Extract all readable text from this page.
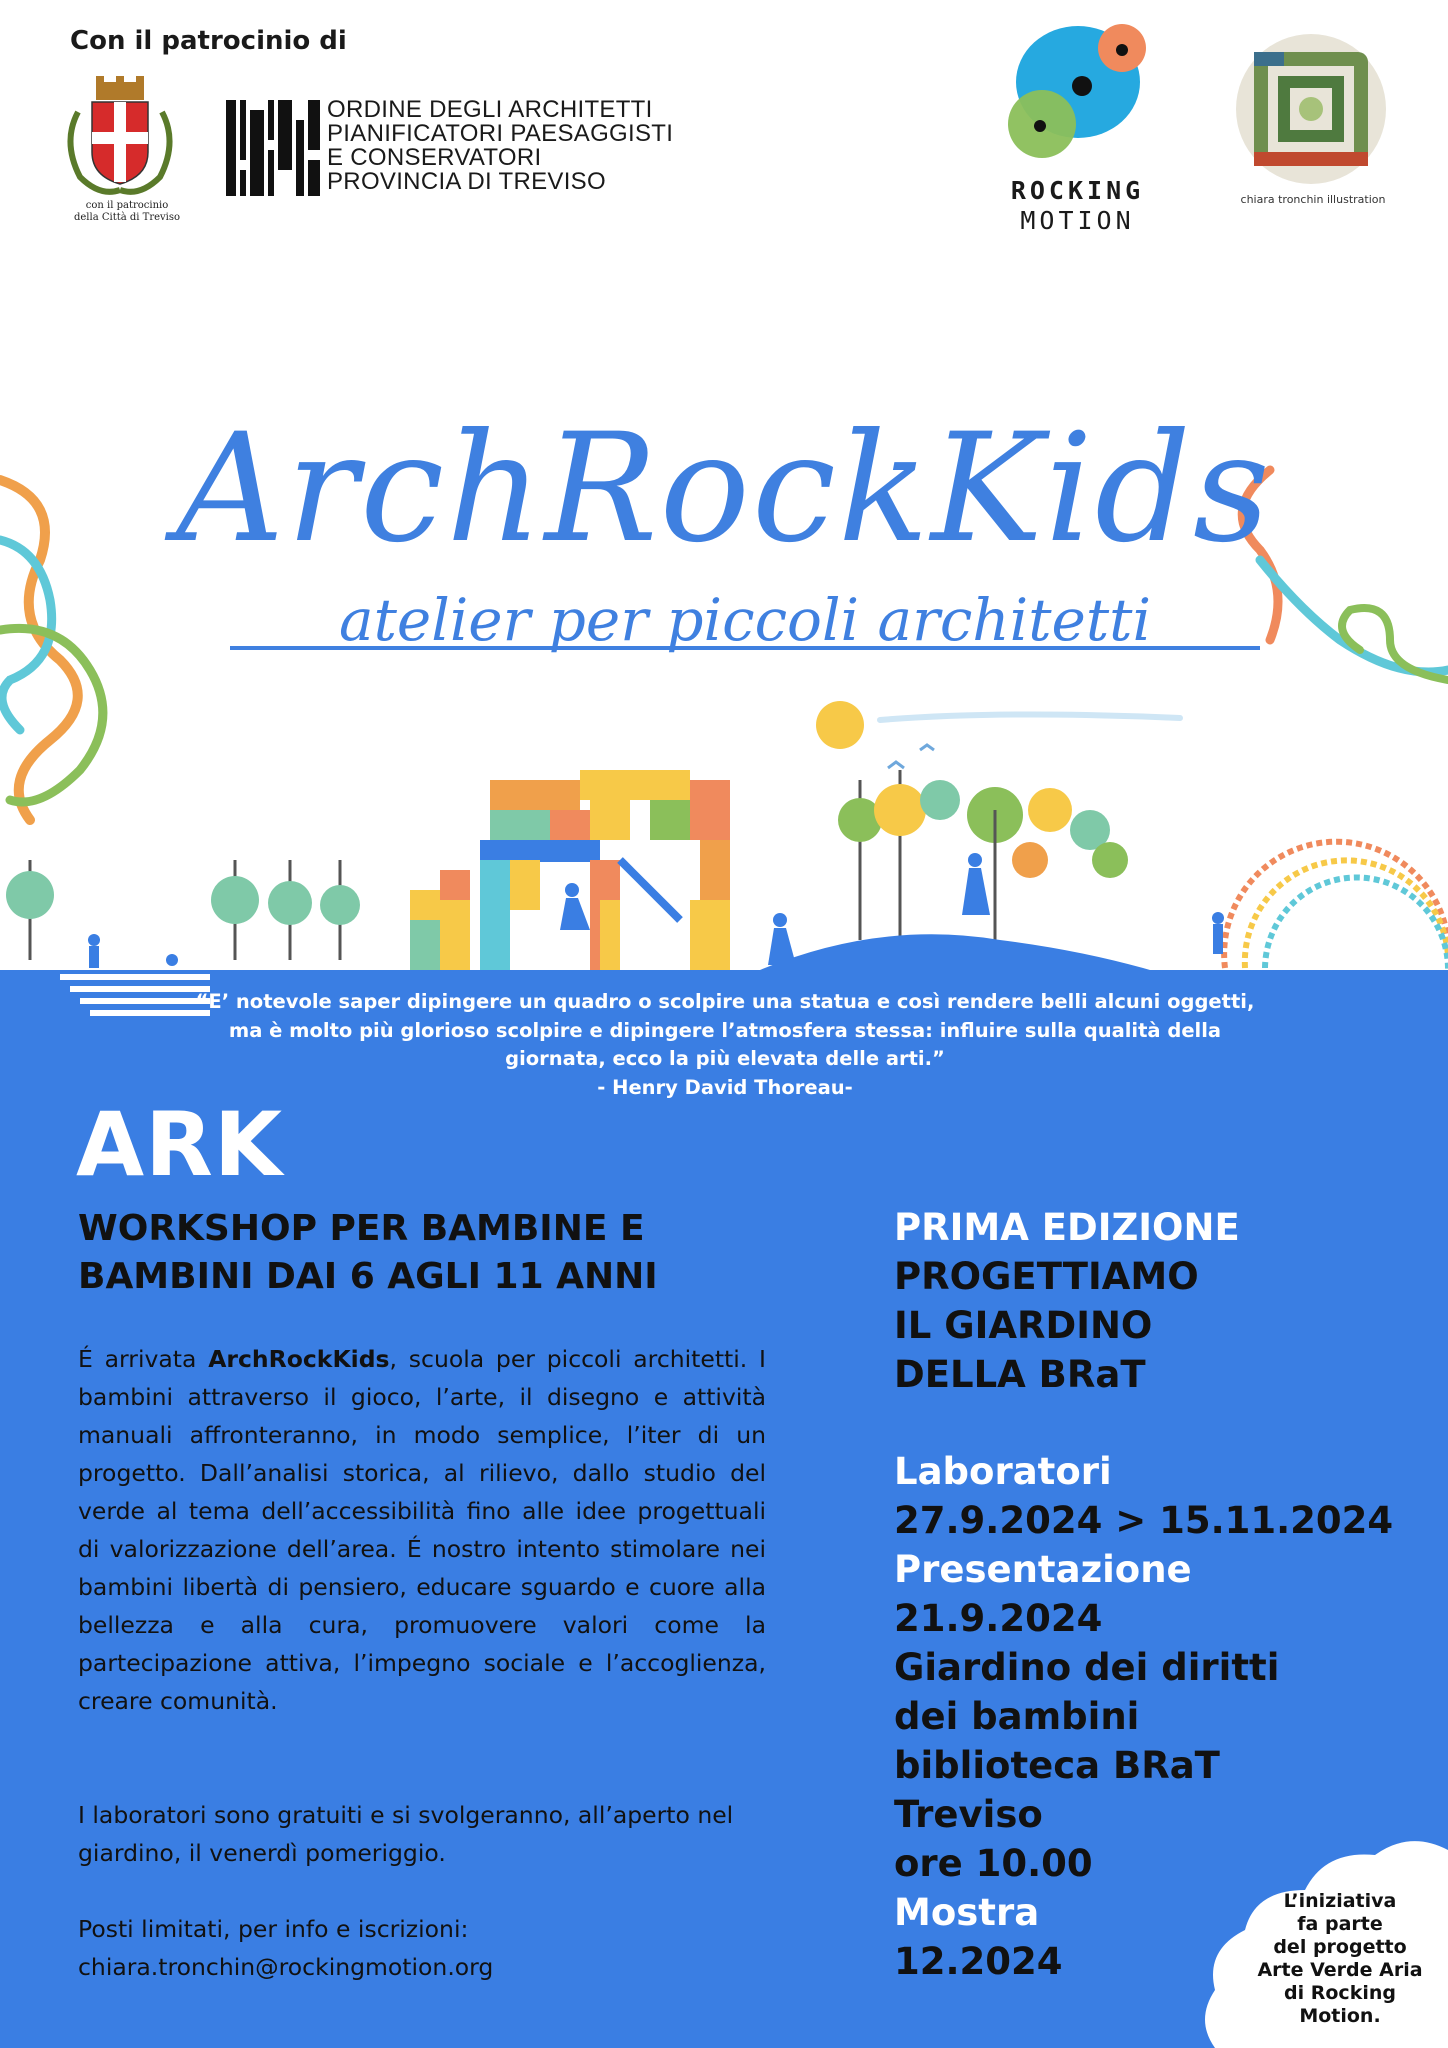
Con il patrocinio di
con il patrocinio
della Città di Treviso
ORDINE DEGLI ARCHITETTI
PIANIFICATORI PAESAGGISTI
E CONSERVATORI
PROVINCIA DI TREVISO	ROCKING
MOTION
chiara tronchin illustration
ArchRockKids
atelier per piccoli architetti
“E’ notevole saper dipingere un quadro o scolpire una statua e così rendere belli alcuni oggetti, ma è molto più glorioso scolpire e dipingere l’atmosfera stessa: influire sulla qualità della giornata, ecco la più elevata delle arti.”
- Henry David Thoreau-
ARK
WORKSHOP PER BAMBINE E BAMBINI DAI 6 AGLI 11 ANNI
É arrivata ArchRockKids, scuola per piccoli architetti. I bambini attraverso il gioco, l’arte, il disegno e attività manuali affronteranno, in modo semplice, l’iter di un progetto. Dall’analisi storica, al rilievo, dallo studio del verde al tema dell’accessibilità fino alle idee progettuali di valorizzazione dell’area. É nostro intento stimolare nei bambini libertà di pensiero, educare sguardo e cuore alla bellezza e alla cura, promuovere valori come la partecipazione attiva, l’impegno sociale e l’accoglienza, creare comunità.
I laboratori sono gratuiti e si svolgeranno, all’aperto nel giardino, il venerdì pomeriggio.
Posti limitati, per info e iscrizioni:
chiara.tronchin@rockingmotion.org
PRIMA EDIZIONE
PROGETTIAMO
IL GIARDINO
DELLA BRaT
Laboratori
27.9.2024 > 15.11.2024
Presentazione
21.9.2024
Giardino dei diritti
dei bambini
biblioteca BRaT
Treviso
ore 10.00
Mostra
12.2024
L’iniziativa
fa parte
del progetto
Arte Verde Aria
di Rocking
Motion.
